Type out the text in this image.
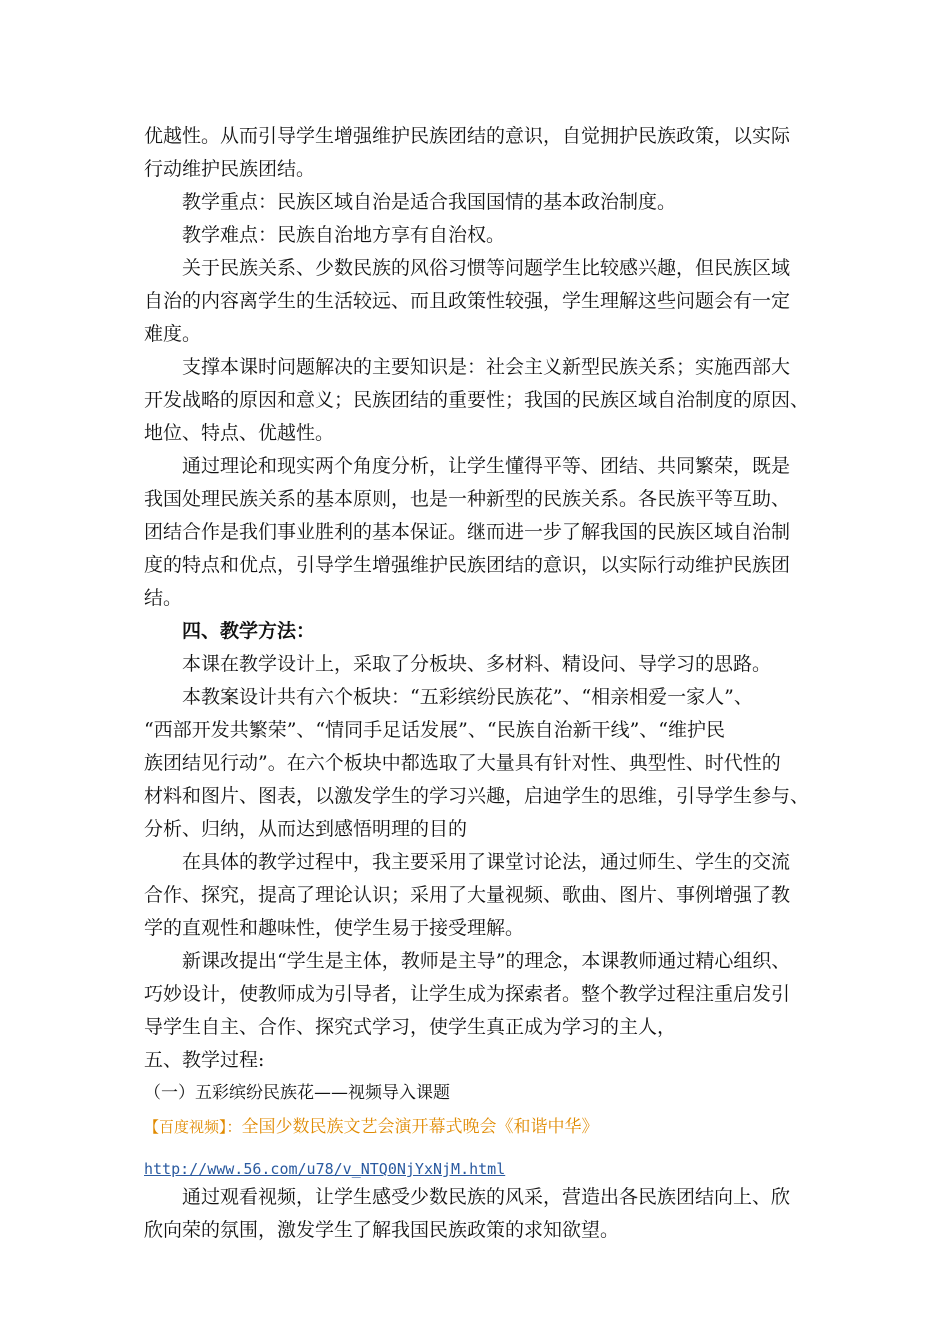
优越性。从而引导学生增强维护民族团结的意识，自觉拥护民族政策，以实际

行动维护民族团结。

教学重点：民族区域自治是适合我国国情的基本政治制度。

教学难点：民族自治地方享有自治权。

关于民族关系、少数民族的风俗习惯等问题学生比较感兴趣，但民族区域

自治的内容离学生的生活较远、而且政策性较强，学生理解这些问题会有一定

难度。

支撑本课时问题解决的主要知识是：社会主义新型民族关系；实施西部大

开发战略的原因和意义；民族团结的重要性；我国的民族区域自治制度的原因、

地位、特点、优越性。

通过理论和现实两个角度分析，让学生懂得平等、团结、共同繁荣，既是

我国处理民族关系的基本原则，也是一种新型的民族关系。各民族平等互助、

团结合作是我们事业胜利的基本保证。继而进一步了解我国的民族区域自治制

度的特点和优点，引导学生增强维护民族团结的意识，以实际行动维护民族团

结。

四、教学方法：

本课在教学设计上，采取了分板块、多材料、精设问、导学习的思路。

本教案设计共有六个板块：“五彩缤纷民族花”、“相亲相爱一家人”、

“西部开发共繁荣”、“情同手足话发展”、“民族自治新干线”、“维护民

族团结见行动”。在六个板块中都选取了大量具有针对性、典型性、时代性的

材料和图片、图表，以激发学生的学习兴趣，启迪学生的思维，引导学生参与、

分析、归纳，从而达到感悟明理的目的

在具体的教学过程中，我主要采用了课堂讨论法，通过师生、学生的交流

合作、探究，提高了理论认识；采用了大量视频、歌曲、图片、事例增强了教

学的直观性和趣味性，使学生易于接受理解。

新课改提出“学生是主体，教师是主导”的理念，本课教师通过精心组织、

巧妙设计，使教师成为引导者，让学生成为探索者。整个教学过程注重启发引

导学生自主、合作、探究式学习，使学生真正成为学习的主人，

五、教学过程:

（一）五彩缤纷民族花——视频导入课题

【百度视频】：全国少数民族文艺会演开幕式晚会《和谐中华》

http://www.56.com/u78/v_NTQ0NjYxNjM.html

通过观看视频，让学生感受少数民族的风采，营造出各民族团结向上、欣

欣向荣的氛围，激发学生了解我国民族政策的求知欲望。
